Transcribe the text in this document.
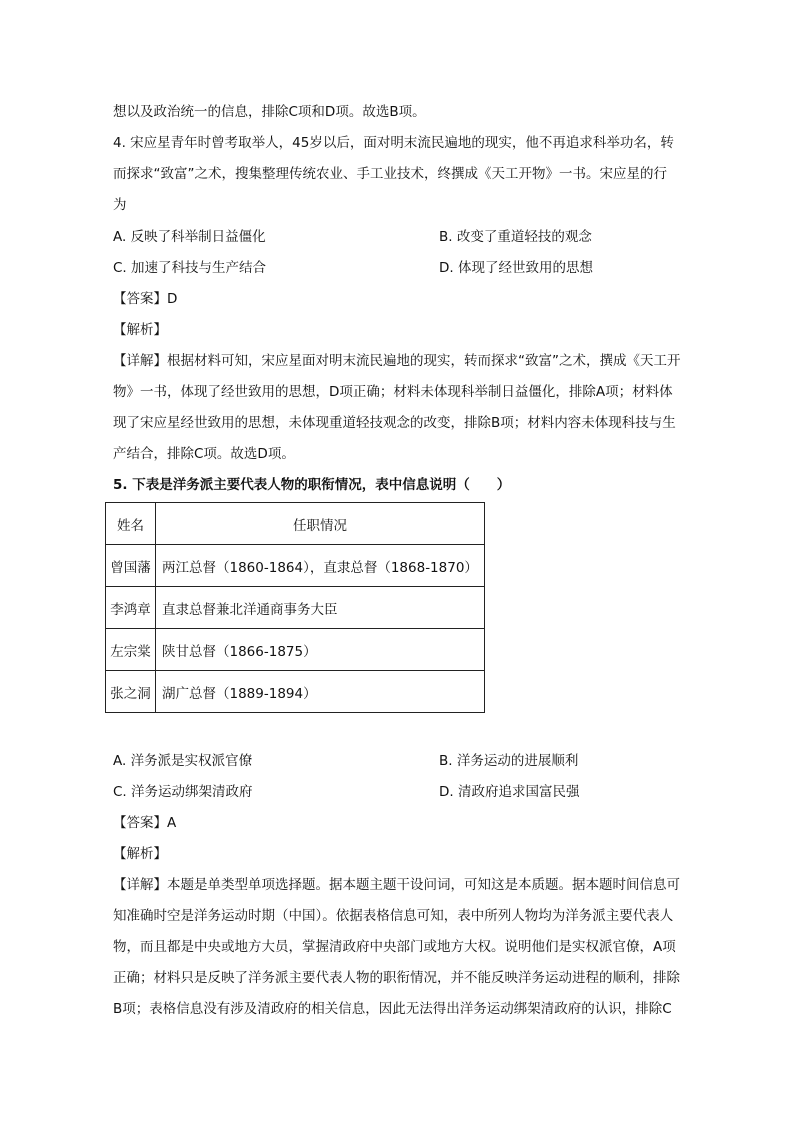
想以及政治统一的信息，排除C项和D项。故选B项。
4. 宋应星青年时曾考取举人，45岁以后，面对明末流民遍地的现实，他不再追求科举功名，转
而探求“致富”之术，搜集整理传统农业、手工业技术，终撰成《天工开物》一书。宋应星的行
为
A. 反映了科举制日益僵化	B. 改变了重道轻技的观念
C. 加速了科技与生产结合	D. 体现了经世致用的思想
【答案】D
【解析】
【详解】根据材料可知，宋应星面对明末流民遍地的现实，转而探求“致富”之术，撰成《天工开
物》一书，体现了经世致用的思想，D项正确；材料未体现科举制日益僵化，排除A项；材料体
现了宋应星经世致用的思想，未体现重道轻技观念的改变，排除B项；材料内容未体现科技与生
产结合，排除C项。故选D项。
5. 下表是洋务派主要代表人物的职衔情况，表中信息说明（　　）
姓名	任职情况
曾国藩	两江总督（1860-1864），直隶总督（1868-1870）
李鸿章	直隶总督兼北洋通商事务大臣
左宗棠	陕甘总督（1866-1875）
张之洞	湖广总督（1889-1894）
A. 洋务派是实权派官僚	B. 洋务运动的进展顺利
C. 洋务运动绑架清政府	D. 清政府追求国富民强
【答案】A
【解析】
【详解】本题是单类型单项选择题。据本题主题干设问词，可知这是本质题。据本题时间信息可
知准确时空是洋务运动时期（中国）。依据表格信息可知，表中所列人物均为洋务派主要代表人
物，而且都是中央或地方大员，掌握清政府中央部门或地方大权。说明他们是实权派官僚，A项
正确；材料只是反映了洋务派主要代表人物的职衔情况，并不能反映洋务运动进程的顺利，排除
B项；表格信息没有涉及清政府的相关信息，因此无法得出洋务运动绑架清政府的认识，排除C
